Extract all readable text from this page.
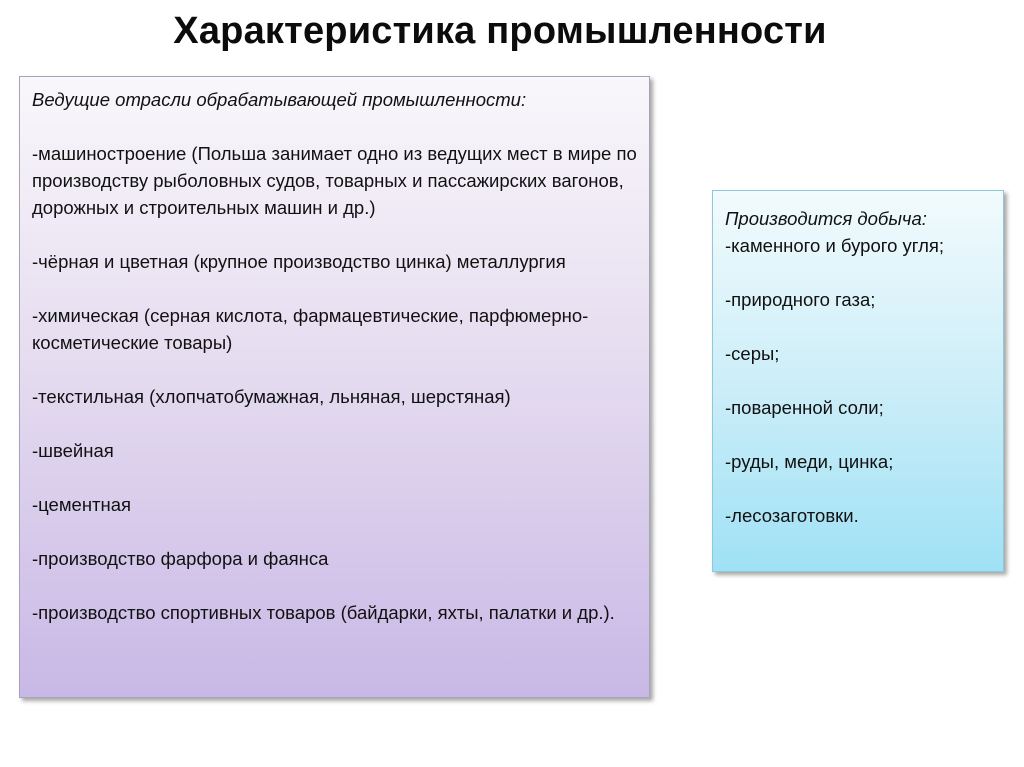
Характеристика промышленности
Ведущие отрасли обрабатывающей промышленности:
-машиностроение (Польша занимает одно из ведущих мест в мире по производству рыболовных судов, товарных и пассажирских вагонов, дорожных и строительных машин и др.)
-чёрная и цветная (крупное производство цинка) металлургия
-химическая (серная кислота, фармацевтические, парфюмерно-косметические товары)
-текстильная (хлопчатобумажная, льняная, шерстяная)
-швейная
-цементная
-производство фарфора и фаянса
-производство спортивных товаров (байдарки, яхты, палатки и др.).
Производится добыча:
-каменного и бурого угля;
-природного газа;
-серы;
-поваренной соли;
-руды, меди, цинка;
-лесозаготовки.
